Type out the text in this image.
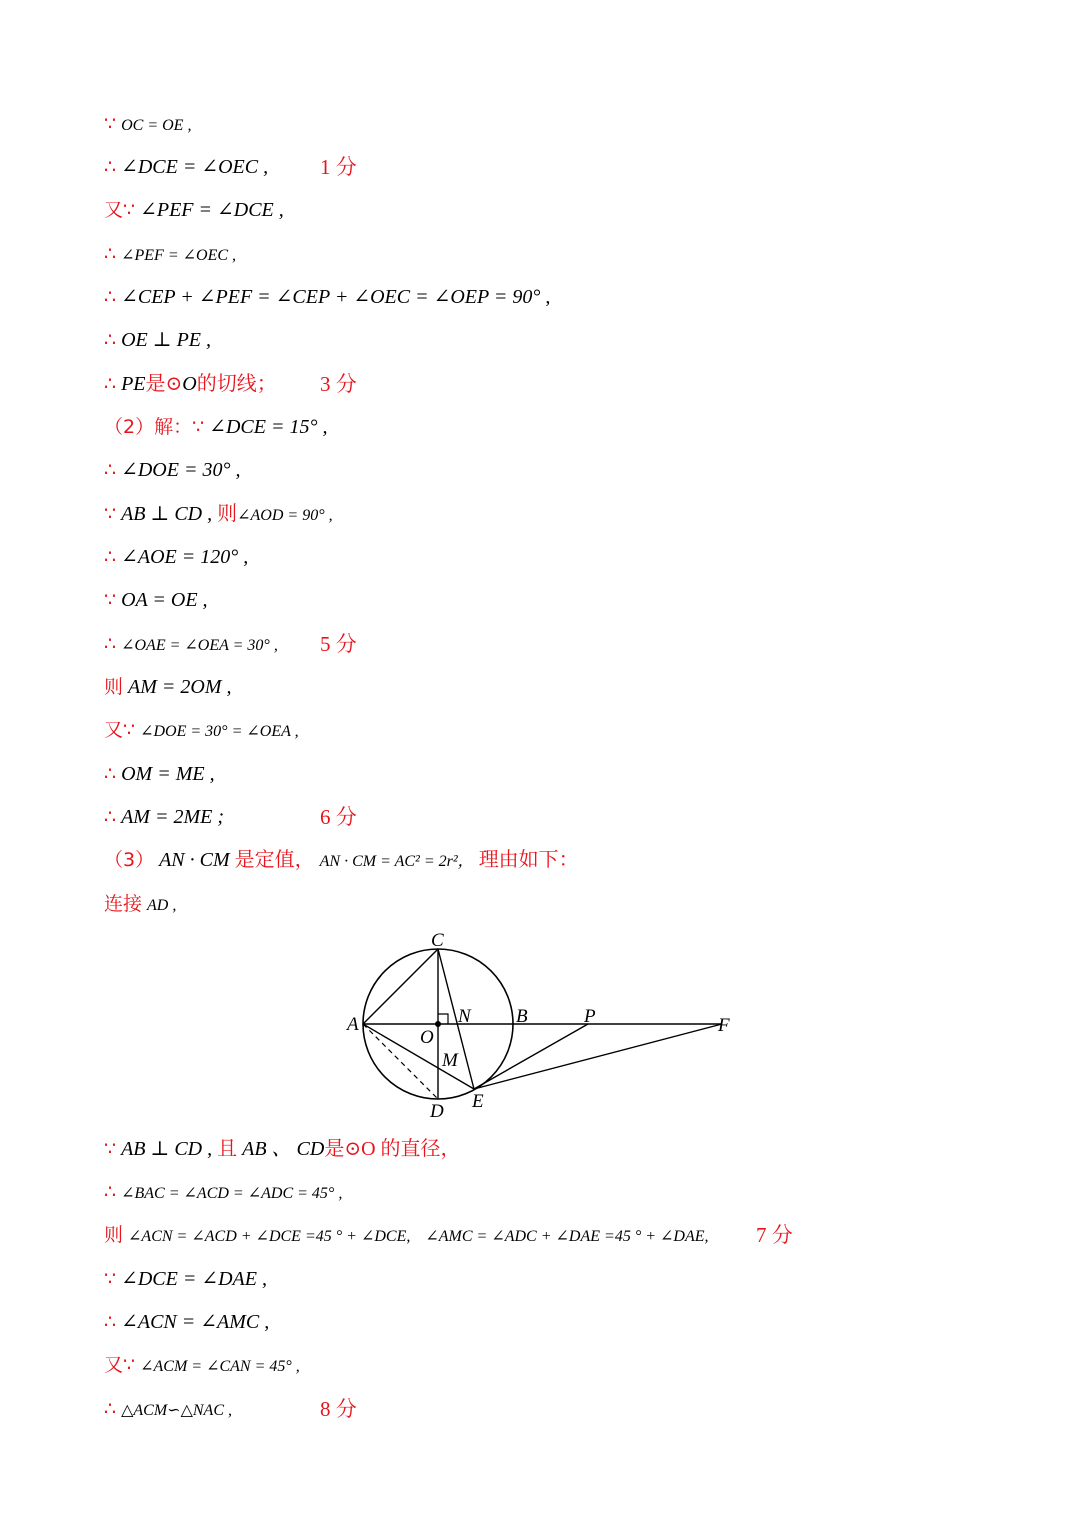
∵ OC = OE ,
∴ ∠DCE = ∠OEC , 1 分
又∵ ∠PEF = ∠DCE ,
∴ ∠PEF = ∠OEC ,
∴ ∠CEP + ∠PEF = ∠CEP + ∠OEC = ∠OEP = 90° ,
∴ OE ⊥ PE ,
∴ PE是⊙O的切线； 3 分
（2）解：∵ ∠DCE = 15° ,
∴ ∠DOE = 30° ,
∵ AB ⊥ CD , 则∠AOD = 90° ,
∴ ∠AOE = 120° ,
∵ OA = OE ,
∴ ∠OAE = ∠OEA = 30° , 5 分
则 AM = 2OM ,
又∵ ∠DOE = 30° = ∠OEA ,
∴ OM = ME ,
∴ AM = 2ME ;	6 分
（3） AN · CM 是定值， AN · CM = AC² = 2r²， 理由如下：
连接 AD ,
C
N B	P
A
O
F
M
D E
∵ AB ⊥ CD , 且 AB 、 CD是⊙O 的直径，
∴ ∠BAC = ∠ACD = ∠ADC = 45° ,
则 ∠ACN = ∠ACD + ∠DCE =45 ° + ∠DCE, ∠AMC = ∠ADC + ∠DAE =45 ° + ∠DAE, 7 分
∵ ∠DCE = ∠DAE ,
∴ ∠ACN = ∠AMC ,
又∵ ∠ACM = ∠CAN = 45° ,
∴ △ACM∽△NAC ,	8 分
